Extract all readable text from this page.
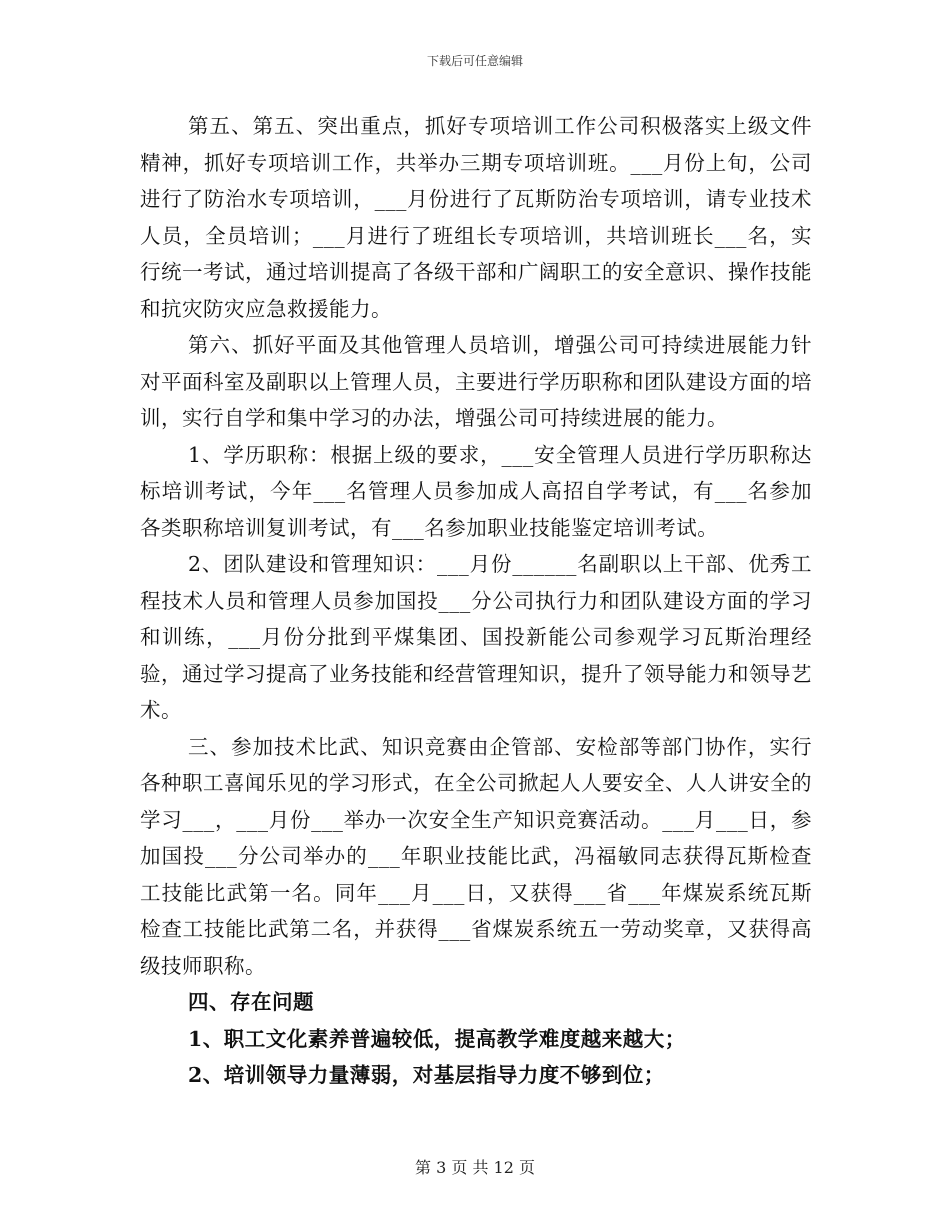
下载后可任意编辑

第五、第五、突出重点，抓好专项培训工作公司积极落实上级文件精神，抓好专项培训工作，共举办三期专项培训班。___月份上旬，公司进行了防治水专项培训，___月份进行了瓦斯防治专项培训，请专业技术人员，全员培训；___月进行了班组长专项培训，共培训班长___名，实行统一考试，通过培训提高了各级干部和广阔职工的安全意识、操作技能和抗灾防灾应急救援能力。

第六、抓好平面及其他管理人员培训，增强公司可持续进展能力针对平面科室及副职以上管理人员，主要进行学历职称和团队建设方面的培训，实行自学和集中学习的办法，增强公司可持续进展的能力。

1、学历职称：根据上级的要求，___安全管理人员进行学历职称达标培训考试，今年___名管理人员参加成人高招自学考试，有___名参加各类职称培训复训考试，有___名参加职业技能鉴定培训考试。

2、团队建设和管理知识：___月份______名副职以上干部、优秀工程技术人员和管理人员参加国投___分公司执行力和团队建设方面的学习和训练，___月份分批到平煤集团、国投新能公司参观学习瓦斯治理经验，通过学习提高了业务技能和经营管理知识，提升了领导能力和领导艺术。

三、参加技术比武、知识竞赛由企管部、安检部等部门协作，实行各种职工喜闻乐见的学习形式，在全公司掀起人人要安全、人人讲安全的学习___，___月份___举办一次安全生产知识竞赛活动。___月___日，参加国投___分公司举办的___年职业技能比武，冯福敏同志获得瓦斯检查工技能比武第一名。同年___月___日，又获得___省___年煤炭系统瓦斯检查工技能比武第二名，并获得___省煤炭系统五一劳动奖章，又获得高级技师职称。

四、存在问题

1、职工文化素养普遍较低，提高教学难度越来越大；

2、培训领导力量薄弱，对基层指导力度不够到位；

第 3 页 共 12 页
